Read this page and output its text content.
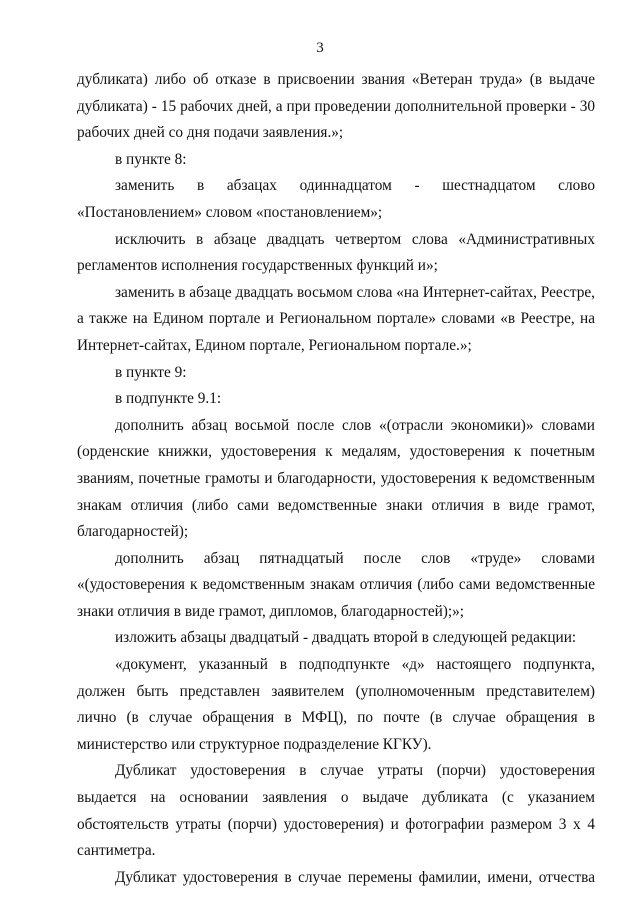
3

дубликата) либо об отказе в присвоении звания «Ветеран труда» (в выдаче дубликата) - 15 рабочих дней, а при проведении дополнительной проверки - 30 рабочих дней со дня подачи заявления.»;

в пункте 8:

заменить в абзацах одиннадцатом - шестнадцатом слово «Постановлением» словом «постановлением»;

исключить в абзаце двадцать четвертом слова «Административных регламентов исполнения государственных функций и»;

заменить в абзаце двадцать восьмом слова «на Интернет-сайтах, Реестре, а также на Едином портале и Региональном портале» словами «в Реестре, на Интернет-сайтах, Едином портале, Региональном портале.»;

в пункте 9:

в подпункте 9.1:

дополнить абзац восьмой после слов «(отрасли экономики)» словами (орденские книжки, удостоверения к медалям, удостоверения к почетным званиям, почетные грамоты и благодарности, удостоверения к ведомственным знакам отличия (либо сами ведомственные знаки отличия в виде грамот, благодарностей);

дополнить абзац пятнадцатый после слов «труде» словами «(удостоверения к ведомственным знакам отличия (либо сами ведомственные знаки отличия в виде грамот, дипломов, благодарностей);»;

изложить абзацы двадцатый - двадцать второй в следующей редакции:

«документ, указанный в подподпункте «д» настоящего подпункта, должен быть представлен заявителем (уполномоченным представителем) лично (в случае обращения в МФЦ), по почте (в случае обращения в министерство или структурное подразделение КГКУ).

Дубликат удостоверения в случае утраты (порчи) удостоверения выдается на основании заявления о выдаче дубликата (с указанием обстоятельств утраты (порчи) удостоверения) и фотографии размером 3 х 4 сантиметра.

Дубликат удостоверения в случае перемены фамилии, имени, отчества
